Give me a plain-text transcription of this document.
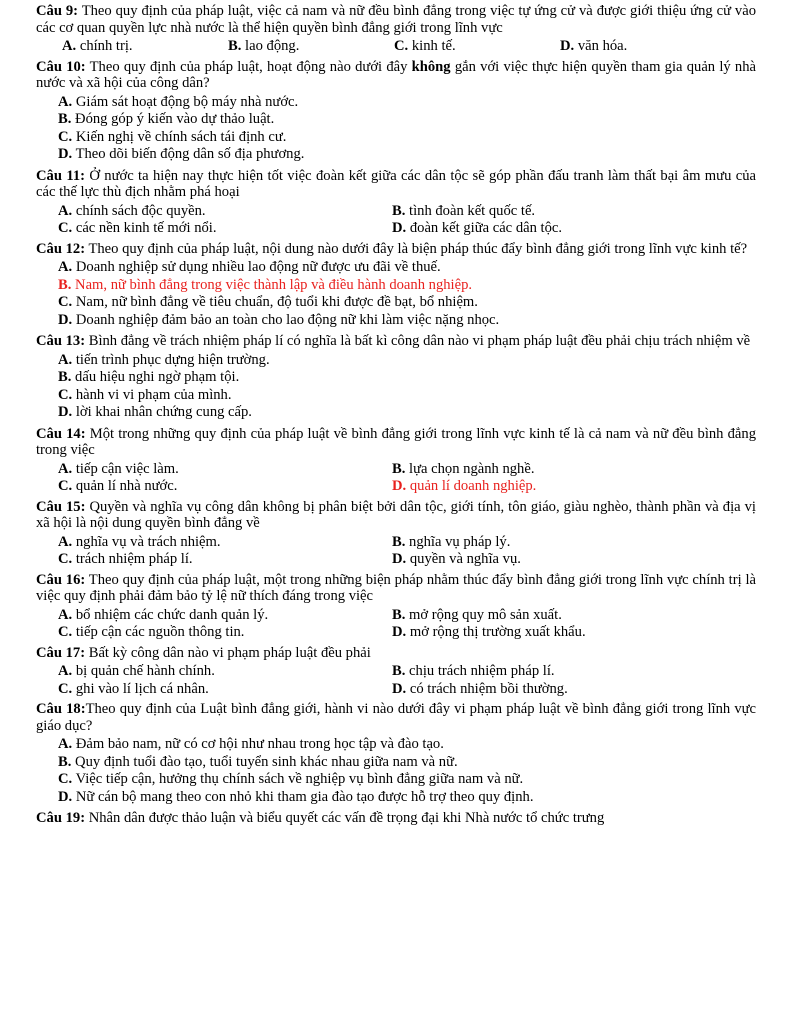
Câu 9: Theo quy định của pháp luật, việc cả nam và nữ đều bình đẳng trong việc tự ứng cử và được giới thiệu ứng cử vào các cơ quan quyền lực nhà nước là thể hiện quyền bình đẳng giới trong lĩnh vực
A. chính trị.	B. lao động.	C. kinh tế.	D. văn hóa.
Câu 10: Theo quy định của pháp luật, hoạt động nào dưới đây không gắn với việc thực hiện quyền tham gia quản lý nhà nước và xã hội của công dân?
A. Giám sát hoạt động bộ máy nhà nước.
B. Đóng góp ý kiến vào dự thảo luật.
C. Kiến nghị về chính sách tái định cư.
D. Theo dõi biến động dân số địa phương.
Câu 11: Ở nước ta hiện nay thực hiện tốt việc đoàn kết giữa các dân tộc sẽ góp phần đấu tranh làm thất bại âm mưu của các thế lực thù địch nhằm phá hoại
A. chính sách độc quyền.	B. tình đoàn kết quốc tế.
C. các nền kinh tế mới nổi.	D. đoàn kết giữa các dân tộc.
Câu 12: Theo quy định của pháp luật, nội dung nào dưới đây là biện pháp thúc đẩy bình đẳng giới trong lĩnh vực kinh tế?
A. Doanh nghiệp sử dụng nhiều lao động nữ được ưu đãi về thuế.
B. Nam, nữ bình đẳng trong việc thành lập và điều hành doanh nghiệp.
C. Nam, nữ bình đẳng về tiêu chuẩn, độ tuổi khi được đề bạt, bổ nhiệm.
D. Doanh nghiệp đảm bảo an toàn cho lao động nữ khi làm việc nặng nhọc.
Câu 13: Bình đẳng về trách nhiệm pháp lí có nghĩa là bất kì công dân nào vi phạm pháp luật đều phải chịu trách nhiệm về
A. tiến trình phục dựng hiện trường.
B. dấu hiệu nghi ngờ phạm tội.
C. hành vi vi phạm của mình.
D. lời khai nhân chứng cung cấp.
Câu 14: Một trong những quy định của pháp luật về bình đẳng giới trong lĩnh vực kinh tế là cả nam và nữ đều bình đẳng trong việc
A. tiếp cận việc làm.	B. lựa chọn ngành nghề.
C. quản lí nhà nước.	D. quản lí doanh nghiệp.
Câu 15: Quyền và nghĩa vụ công dân không bị phân biệt bởi dân tộc, giới tính, tôn giáo, giàu nghèo, thành phần và địa vị xã hội là nội dung quyền bình đẳng về
A. nghĩa vụ và trách nhiệm.	B. nghĩa vụ pháp lý.
C. trách nhiệm pháp lí.	D. quyền và nghĩa vụ.
Câu 16: Theo quy định của pháp luật, một trong những biện pháp nhằm thúc đẩy bình đẳng giới trong lĩnh vực chính trị là việc quy định phải đảm bảo tỷ lệ nữ thích đáng trong việc
A. bổ nhiệm các chức danh quản lý.	B. mở rộng quy mô sản xuất.
C. tiếp cận các nguồn thông tin.	D. mở rộng thị trường xuất khẩu.
Câu 17: Bất kỳ công dân nào vi phạm pháp luật đều phải
A. bị quản chế hành chính.	B. chịu trách nhiệm pháp lí.
C. ghi vào lí lịch cá nhân.	D. có trách nhiệm bồi thường.
Câu 18:Theo quy định của Luật bình đẳng giới, hành vi nào dưới đây vi phạm pháp luật về bình đẳng giới trong lĩnh vực giáo dục?
A. Đảm bảo nam, nữ có cơ hội như nhau trong học tập và đào tạo.
B. Quy định tuổi đào tạo, tuổi tuyển sinh khác nhau giữa nam và nữ.
C. Việc tiếp cận, hưởng thụ chính sách về nghiệp vụ bình đẳng giữa nam và nữ.
D. Nữ cán bộ mang theo con nhỏ khi tham gia đào tạo được hỗ trợ theo quy định.
Câu 19: Nhân dân được thảo luận và biểu quyết các vấn đề trọng đại khi Nhà nước tổ chức trưng
